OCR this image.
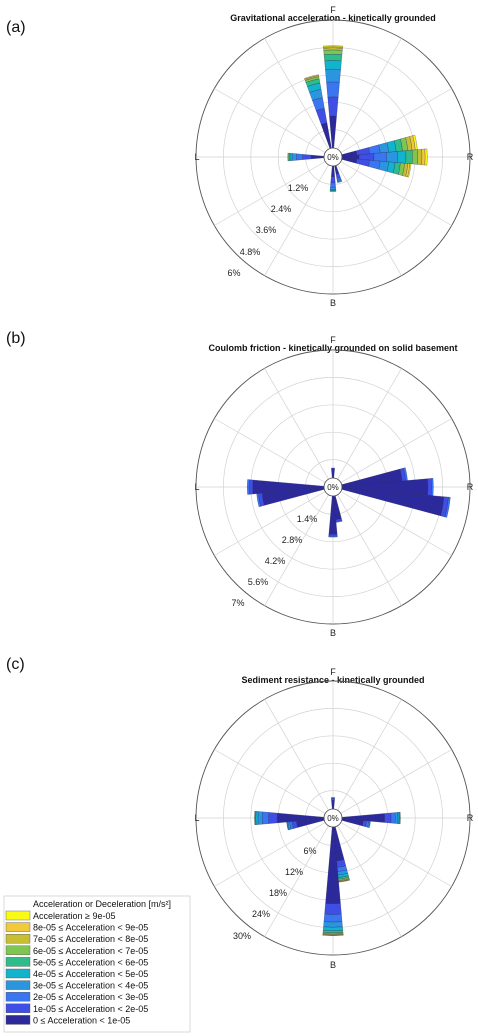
(a)
Gravitational acceleration - kinetically grounded
0%
F
R
B
L
1.2%
2.4%
3.6%
4.8%
6%
(b)
Coulomb friction - kinetically grounded on solid basement
0%
F
R
B
L
1.4%
2.8%
4.2%
5.6%
7%
(c)
Sediment resistance - kinetically grounded
0%
F
R
B
L
6%
12%
18%
24%
30%
Acceleration or Deceleration [m/s²]
Acceleration ≥ 9e-05
8e-05 ≤ Acceleration < 9e-05
7e-05 ≤ Acceleration < 8e-05
6e-05 ≤ Acceleration < 7e-05
5e-05 ≤ Acceleration < 6e-05
4e-05 ≤ Acceleration < 5e-05
3e-05 ≤ Acceleration < 4e-05
2e-05 ≤ Acceleration < 3e-05
1e-05 ≤ Acceleration < 2e-05
0 ≤ Acceleration < 1e-05
